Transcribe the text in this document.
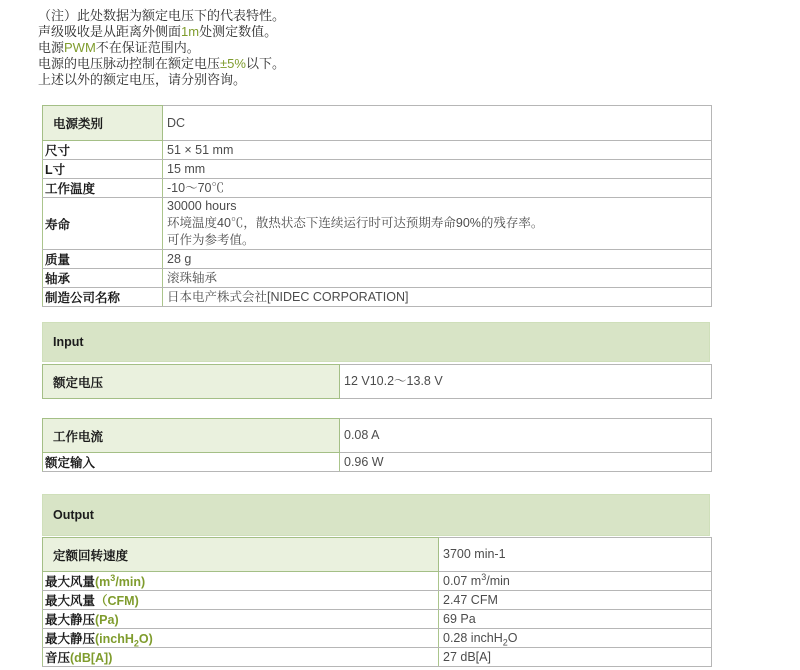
（注）此处数据为额定电压下的代表特性。
声级吸收是从距离外侧面1m处测定数值。
电源PWM不在保证范围内。
电源的电压脉动控制在额定电压±5%以下。
上述以外的额定电压，请分别咨询。
电源类别	DC
尺寸	51 × 51 mm
L寸	15 mm
工作温度	-10～70℃
寿命	30000 hours
环境温度40℃，散热状态下连续运行时可达预期寿命90%的残存率。
可作为参考值。
质量	28 g
轴承	滚珠轴承
制造公司名称	日本电产株式会社[NIDEC CORPORATION]
Input
额定电压	12 V10.2～13.8 V
工作电流	0.08 A
额定输入	0.96 W
Output
定额回转速度	3700 min-1
最大风量$(m^3/\min)$	0.07 $m^3/\min$
最大风量（CFM)	2.47 CFM
最大静压(Pa)	69 Pa
最大静压(inchH$_2$O)	0.28 inchH$_2$O
音压(dB[A])	27 dB[A]
